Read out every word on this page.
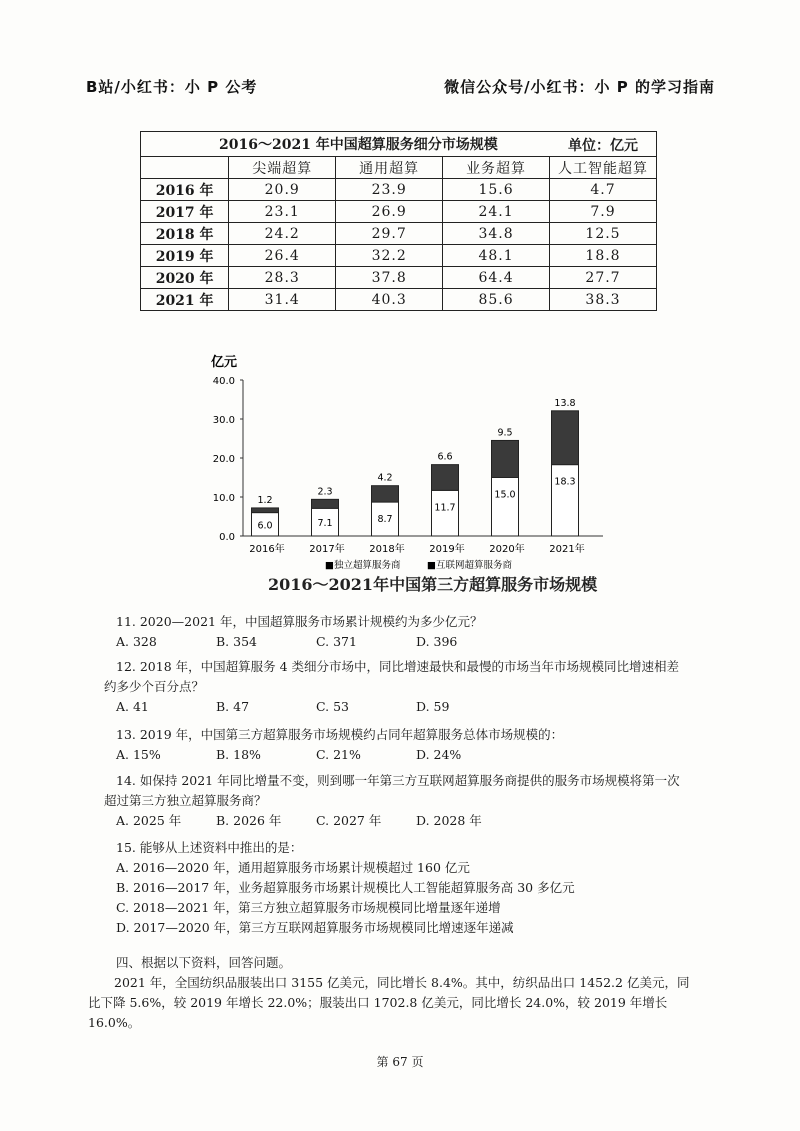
B站/小红书：小 P 公考	微信公众号/小红书：小 P 的学习指南
2016～2021 年中国超算服务细分市场规模 单位：亿元				

	尖端超算	通用超算	业务超算	人工智能超算
2016 年	20.9	23.9	15.6	4.7
2017 年	23.1	26.9	24.1	7.9
2018 年	24.2	29.7	34.8	12.5
2019 年	26.4	32.2	48.1	18.8
2020 年	28.3	37.8	64.4	27.7
2021 年	31.4	40.3	85.6	38.3
亿元
0.0
10.0
20.0
30.0
40.0
6.0
1.2
2016年
7.1
2.3
2017年
8.7
4.2
2018年
11.7
6.6
2019年
15.0
9.5
2020年
18.3
13.8
2021年
■独立超算服务商	■互联网超算服务商
2016～2021年中国第三方超算服务市场规模
11. 2020—2021 年，中国超算服务市场累计规模约为多少亿元？
A. 328	B. 354	C. 371	D. 396
12. 2018 年，中国超算服务 4 类细分市场中，同比增速最快和最慢的市场当年市场规模同比增速相差
约多少个百分点？
A. 41	B. 47	C. 53	D. 59
13. 2019 年，中国第三方超算服务市场规模约占同年超算服务总体市场规模的：
A. 15%	B. 18%	C. 21%	D. 24%
14. 如保持 2021 年同比增量不变，则到哪一年第三方互联网超算服务商提供的服务市场规模将第一次
超过第三方独立超算服务商？
A. 2025 年	B. 2026 年	C. 2027 年	D. 2028 年
15. 能够从上述资料中推出的是：
A. 2016—2020 年，通用超算服务市场累计规模超过 160 亿元
B. 2016—2017 年，业务超算服务市场累计规模比人工智能超算服务高 30 多亿元
C. 2018—2021 年，第三方独立超算服务市场规模同比增量逐年递增
D. 2017—2020 年，第三方互联网超算服务市场规模同比增速逐年递减
四、根据以下资料，回答问题。
2021 年，全国纺织品服装出口 3155 亿美元，同比增长 8.4%。其中，纺织品出口 1452.2 亿美元，同
比下降 5.6%，较 2019 年增长 22.0%；服装出口 1702.8 亿美元，同比增长 24.0%，较 2019 年增长 16.0%。
第 67 页
